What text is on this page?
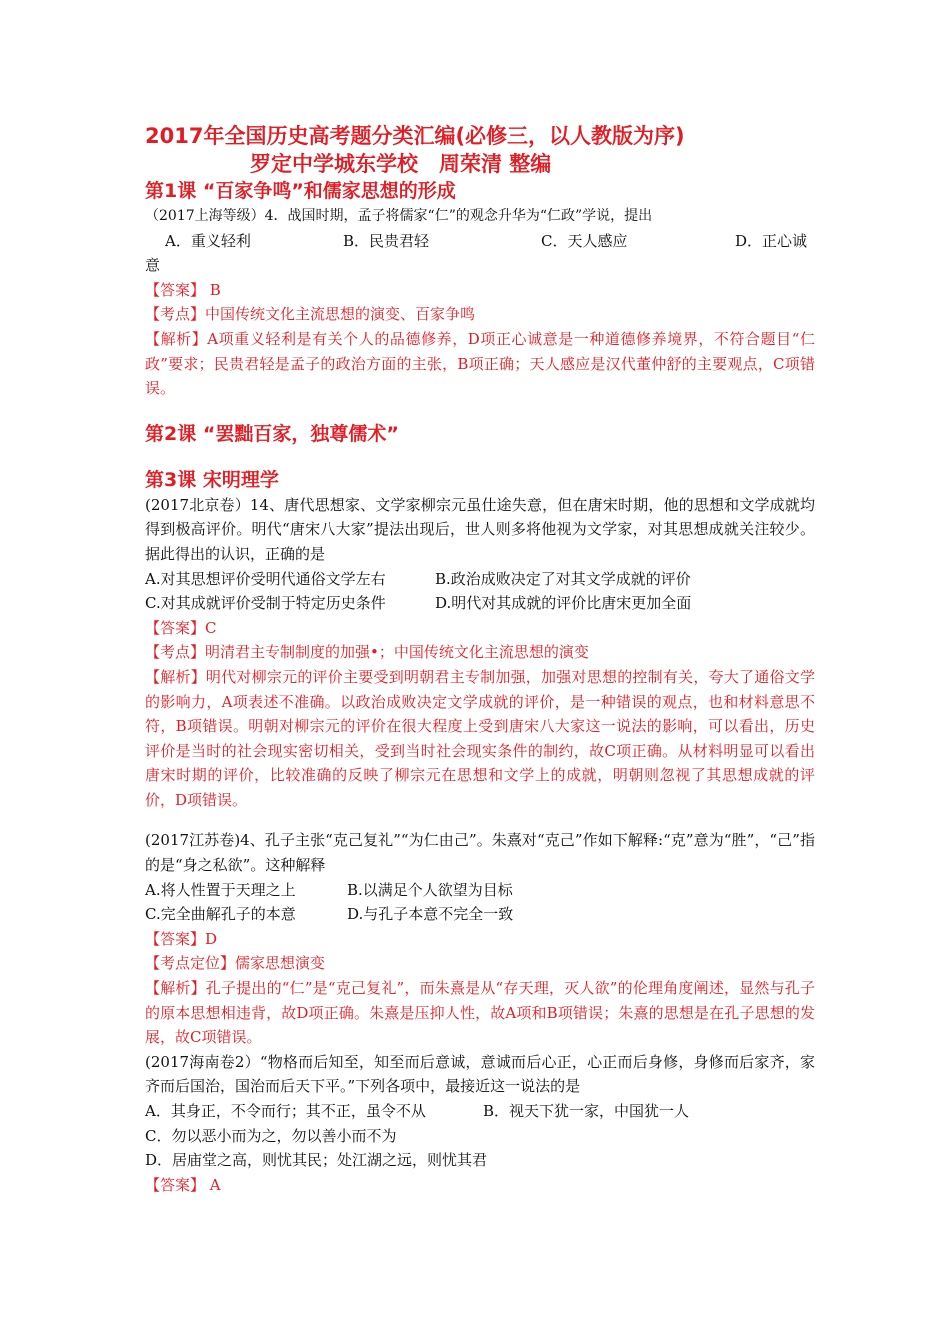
2017年全国历史高考题分类汇编(必修三，以人教版为序)

罗定中学城东学校　周荣清 整编

第1课 “百家争鸣”和儒家思想的形成

（2017上海等级）4．战国时期，孟子将儒家“仁”的观念升华为“仁政”学说，提出

A．重义轻利	B．民贵君轻	C．天人感应	D．正心诚

意

【答案】 B

【考点】中国传统文化主流思想的演变、百家争鸣

【解析】A项重义轻利是有关个人的品德修养，D项正心诚意是一种道德修养境界，不符合题目“仁政”要求；民贵君轻是孟子的政治方面的主张，B项正确；天人感应是汉代董仲舒的主要观点，C项错误。

第2课 “罢黜百家，独尊儒术”

第3课 宋明理学

(2017北京卷）14、唐代思想家、文学家柳宗元虽仕途失意，但在唐宋时期，他的思想和文学成就均得到极高评价。明代“唐宋八大家”提法出现后，世人则多将他视为文学家，对其思想成就关注较少。据此得出的认识，正确的是

A.对其思想评价受明代通俗文学左右	B.政治成败决定了对其文学成就的评价
C.对其成就评价受制于特定历史条件	D.明代对其成就的评价比唐宋更加全面

【答案】C

【考点】明清君主专制制度的加强•；中国传统文化主流思想的演变

【解析】明代对柳宗元的评价主要受到明朝君主专制加强，加强对思想的控制有关，夸大了通俗文学的影响力，A项表述不准确。以政治成败决定文学成就的评价，是一种错误的观点，也和材料意思不符，B项错误。明朝对柳宗元的评价在很大程度上受到唐宋八大家这一说法的影响，可以看出，历史评价是当时的社会现实密切相关，受到当时社会现实条件的制约，故C项正确。从材料明显可以看出唐宋时期的评价，比较准确的反映了柳宗元在思想和文学上的成就，明朝则忽视了其思想成就的评价，D项错误。

(2017江苏卷)4、孔子主张“克己复礼”“为仁由己”。朱熹对“克己”作如下解释:“克”意为“胜”，“己”指的是“身之私欲”。这种解释

A.将人性置于天理之上	B.以满足个人欲望为目标
C.完全曲解孔子的本意	D.与孔子本意不完全一致

【答案】D

【考点定位】儒家思想演变

【解析】孔子提出的“仁”是“克己复礼”，而朱熹是从“存天理，灭人欲”的伦理角度阐述，显然与孔子的原本思想相违背，故D项正确。朱熹是压抑人性，故A项和B项错误；朱熹的思想是在孔子思想的发展，故C项错误。

(2017海南卷2）“物格而后知至，知至而后意诚，意诚而后心正，心正而后身修，身修而后家齐，家齐而后国治，国治而后天下平。”下列各项中，最接近这一说法的是

A．其身正，不令而行；其不正，虽令不从	B．视天下犹一家，中国犹一人

C．勿以恶小而为之，勿以善小而不为

D．居庙堂之高，则忧其民；处江湖之远，则忧其君

【答案】 A
